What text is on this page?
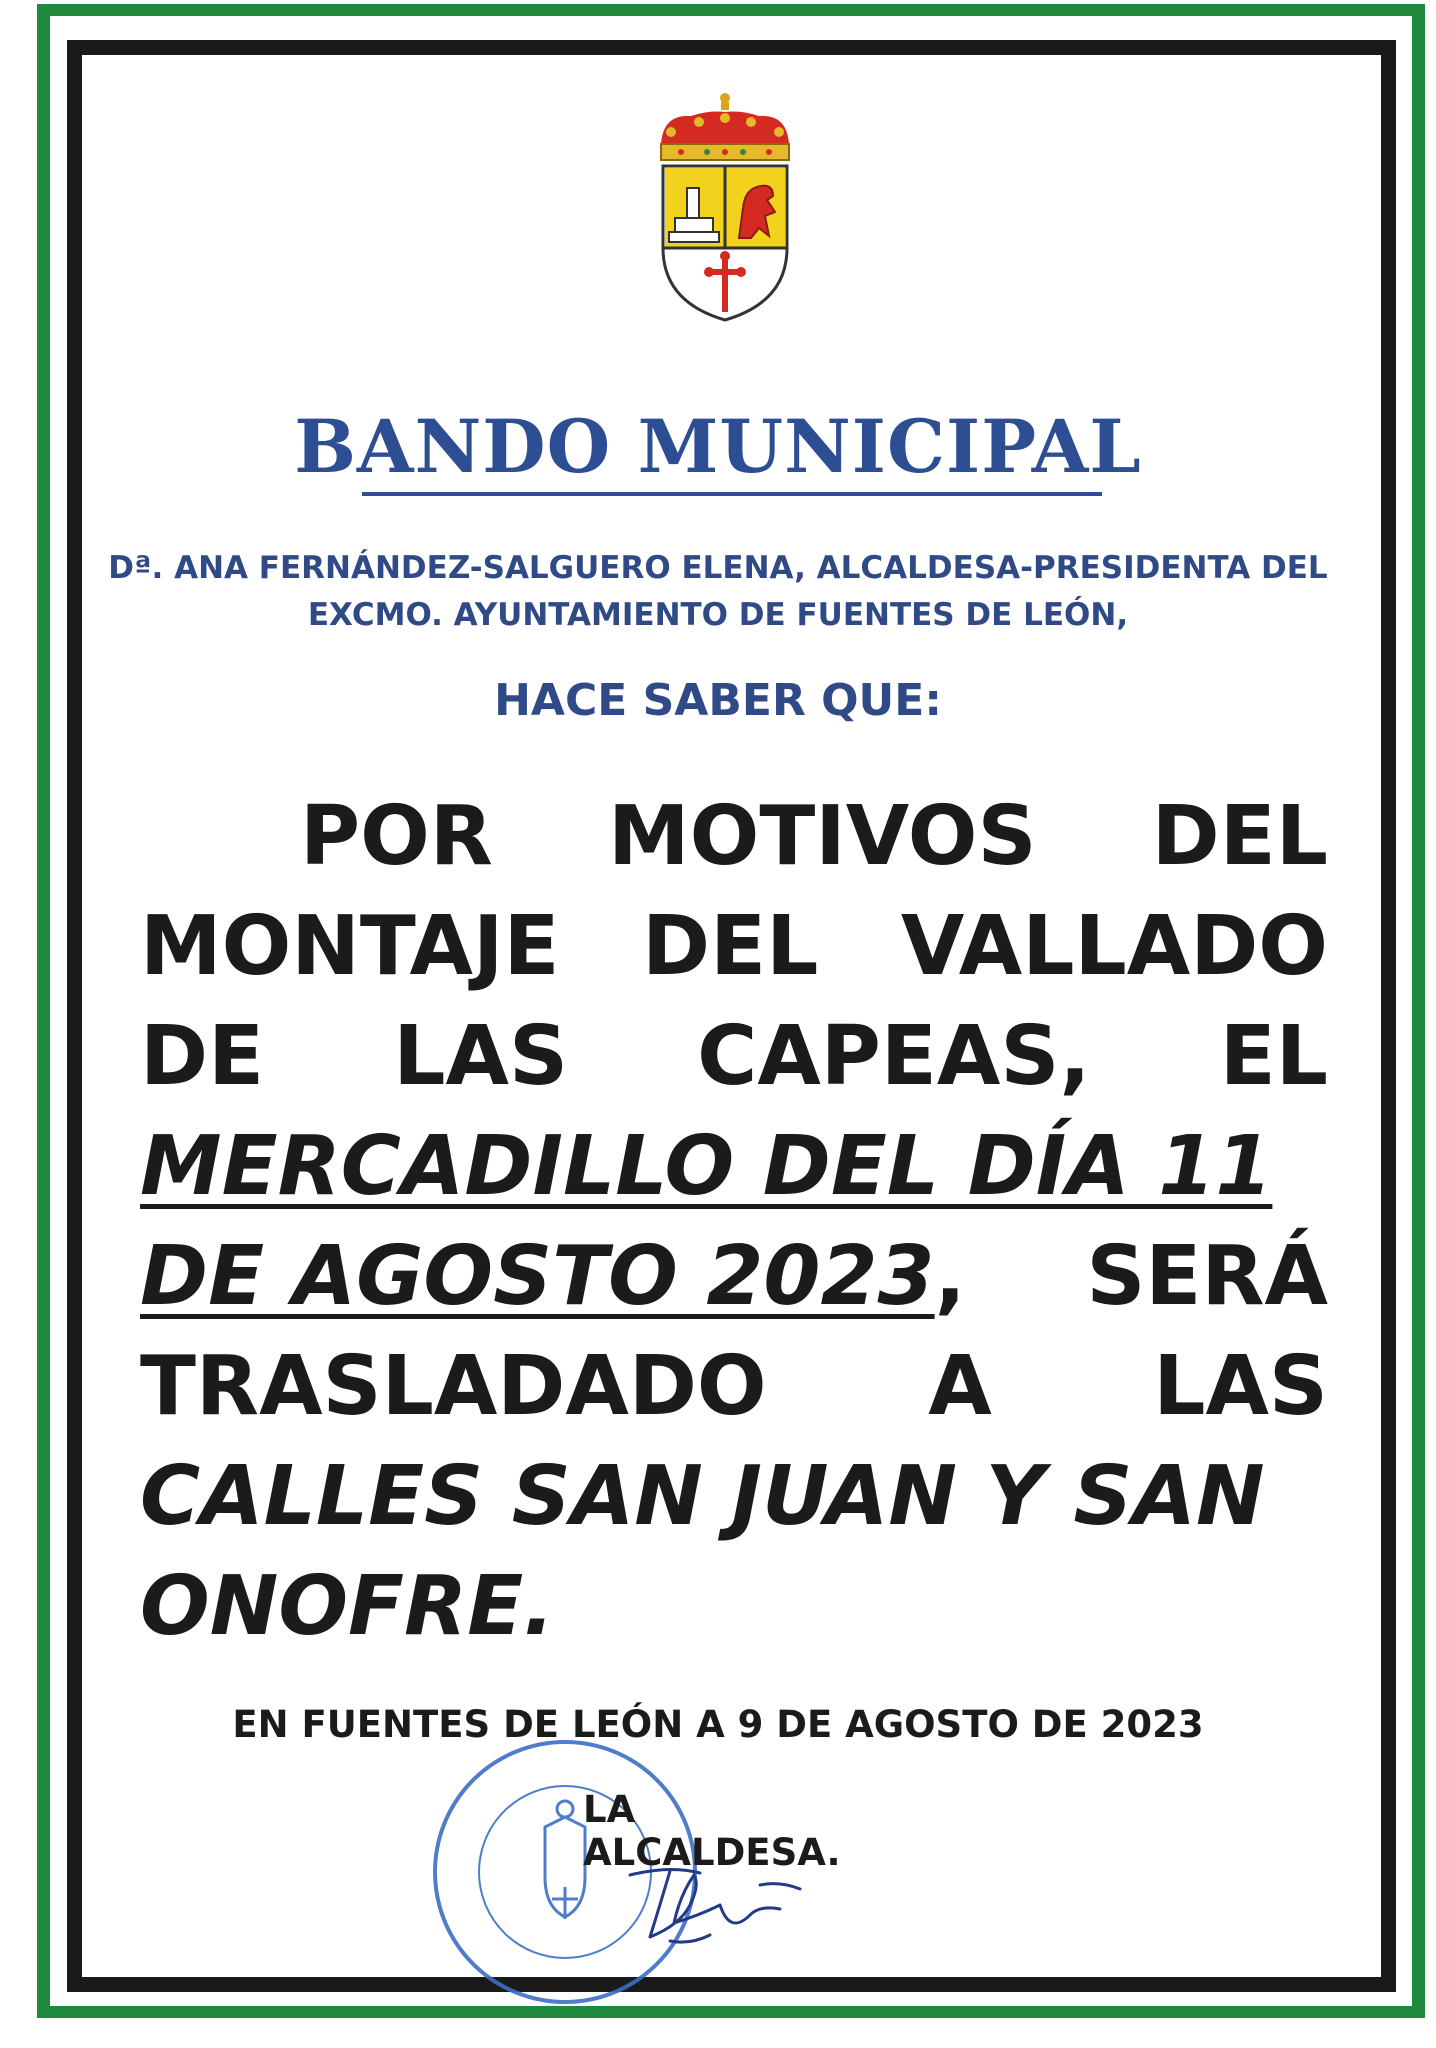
BANDO MUNICIPAL
Dª. ANA FERNÁNDEZ-SALGUERO ELENA, ALCALDESA-PRESIDENTA DEL
EXCMO. AYUNTAMIENTO DE FUENTES DE LEÓN,
HACE SABER QUE:
POR MOTIVOS DEL
MONTAJE DEL VALLADO
DE LAS CAPEAS, EL
MERCADILLO DEL DÍA 11
DE AGOSTO 2023, SERÁ
TRASLADADO A LAS
CALLES SAN JUAN Y SAN
ONOFRE.
EN FUENTES DE LEÓN A 9 DE AGOSTO DE 2023
LA ALCALDESA.
